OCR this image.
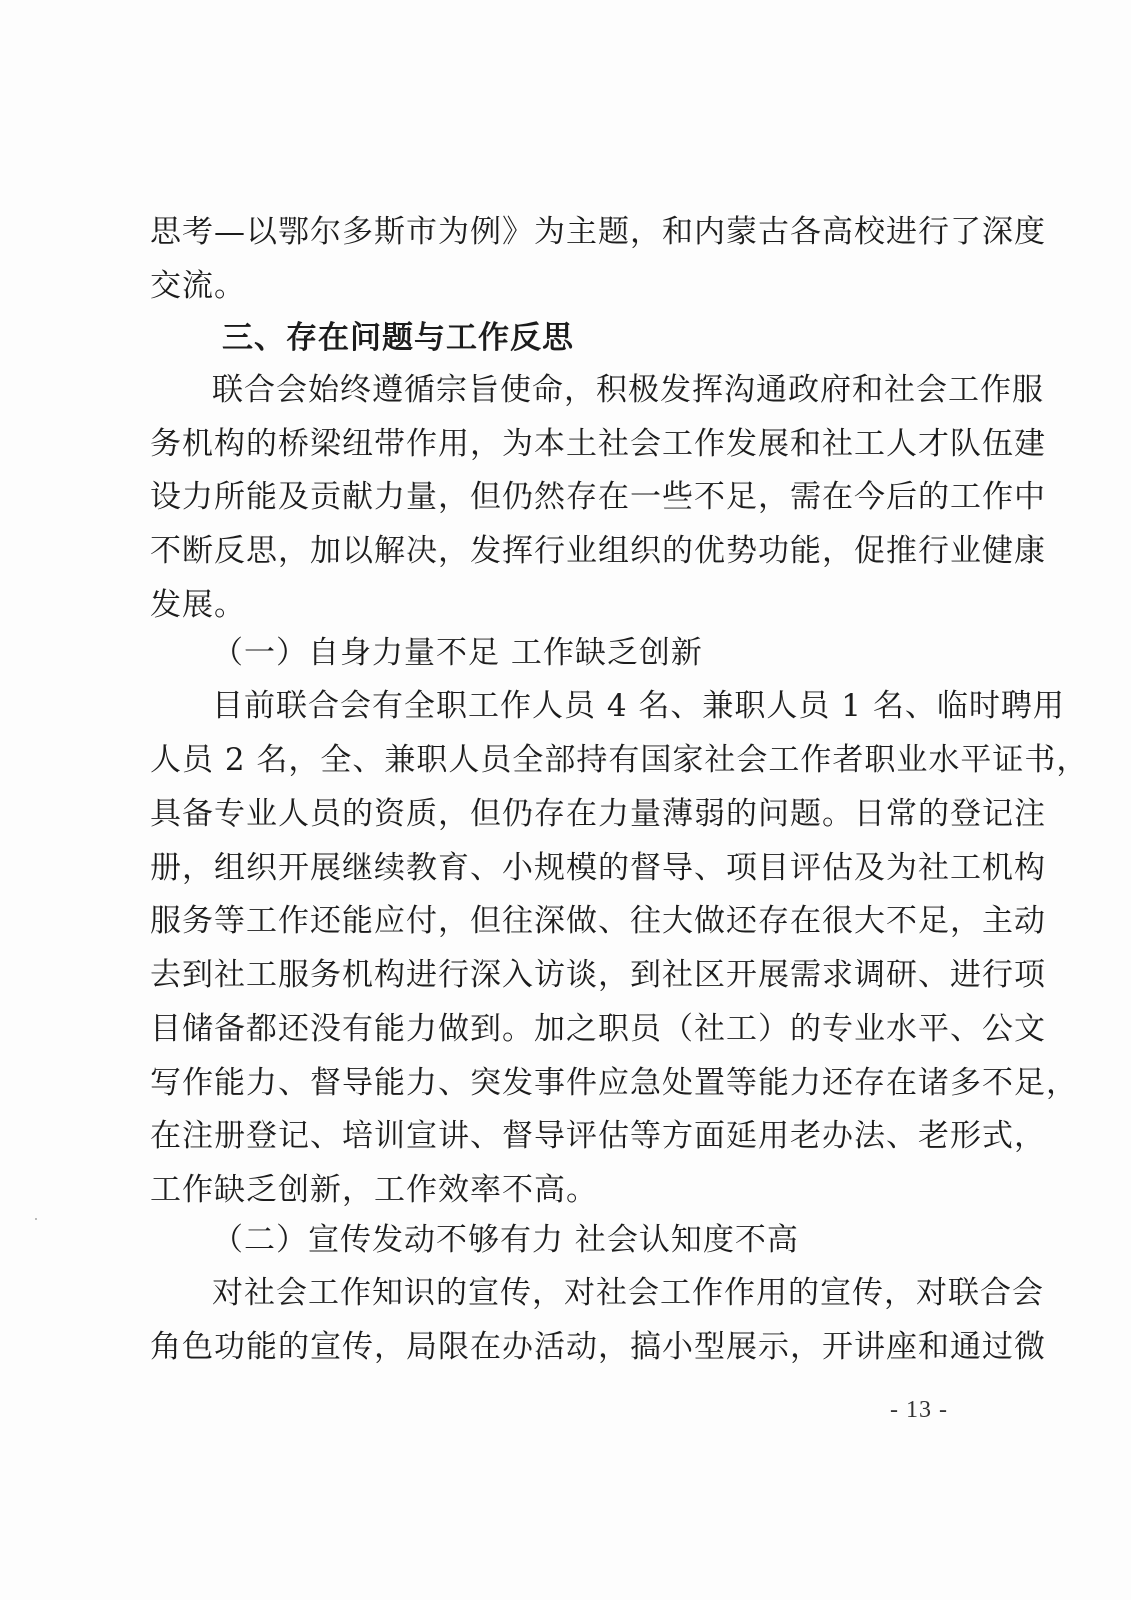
思考—以鄂尔多斯市为例》为主题，和内蒙古各高校进行了深度
交流。
三、存在问题与工作反思
联合会始终遵循宗旨使命，积极发挥沟通政府和社会工作服
务机构的桥梁纽带作用，为本土社会工作发展和社工人才队伍建
设力所能及贡献力量，但仍然存在一些不足，需在今后的工作中
不断反思，加以解决，发挥行业组织的优势功能，促推行业健康
发展。
（一）自身力量不足 工作缺乏创新
目前联合会有全职工作人员 4 名、兼职人员 1 名、临时聘用
人员 2 名，全、兼职人员全部持有国家社会工作者职业水平证书，
具备专业人员的资质，但仍存在力量薄弱的问题。日常的登记注
册，组织开展继续教育、小规模的督导、项目评估及为社工机构
服务等工作还能应付，但往深做、往大做还存在很大不足，主动
去到社工服务机构进行深入访谈，到社区开展需求调研、进行项
目储备都还没有能力做到。加之职员（社工）的专业水平、公文
写作能力、督导能力、突发事件应急处置等能力还存在诸多不足，
在注册登记、培训宣讲、督导评估等方面延用老办法、老形式，
工作缺乏创新，工作效率不高。
（二）宣传发动不够有力 社会认知度不高
对社会工作知识的宣传，对社会工作作用的宣传，对联合会
角色功能的宣传，局限在办活动，搞小型展示，开讲座和通过微
- 13 -
